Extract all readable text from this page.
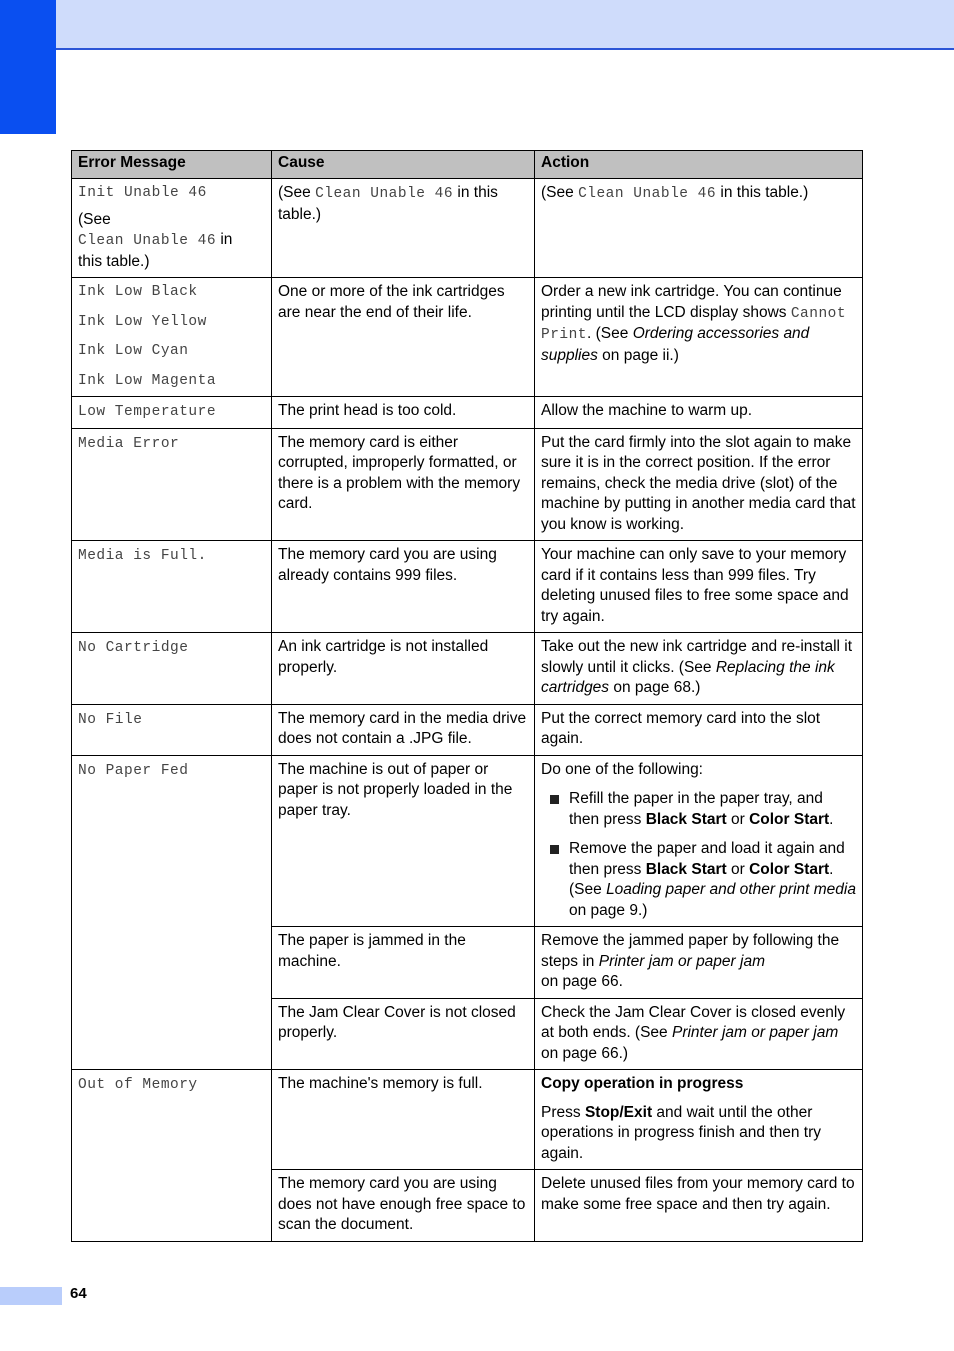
Error Message	Cause	Action

Init Unable 46
(See
Clean Unable 46 in
this table.)	(See Clean Unable 46 in this table.)	(See Clean Unable 46 in this table.)

Ink Low Black
Ink Low Yellow
Ink Low Cyan
Ink Low Magenta	One or more of the ink cartridges are near the end of their life.	Order a new ink cartridge. You can continue printing until the LCD display shows Cannot Print. (See Ordering accessories and supplies on page ii.)
Low Temperature	The print head is too cold.	Allow the machine to warm up.
Media Error	The memory card is either corrupted, improperly formatted, or there is a problem with the memory card.	Put the card firmly into the slot again to make sure it is in the correct position. If the error remains, check the media drive (slot) of the machine by putting in another media card that you know is working.
Media is Full.	The memory card you are using already contains 999 files.	Your machine can only save to your memory card if it contains less than 999 files. Try deleting unused files to free some space and try again.
No Cartridge	An ink cartridge is not installed properly.	Take out the new ink cartridge and re-install it slowly until it clicks. (See Replacing the ink cartridges on page 68.)
No File	The memory card in the media drive does not contain a .JPG file.	Put the correct memory card into the slot again.
No Paper Fed	The machine is out of paper or paper is not properly loaded in the paper tray.	Do one of the following:
Refill the paper in the paper tray, and then press Black Start or Color Start.
Remove the paper and load it again and then press Black Start or Color Start. (See Loading paper and other print media on page 9.)

	The paper is jammed in the machine.	Remove the jammed paper by following the steps in Printer jam or paper jam
on page 66.
	The Jam Clear Cover is not closed properly.	Check the Jam Clear Cover is closed evenly at both ends. (See Printer jam or paper jam on page 66.)
Out of Memory	The machine's memory is full.	Copy operation in progress
Press Stop/Exit and wait until the other operations in progress finish and then try again.

	The memory card you are using does not have enough free space to scan the document.	Delete unused files from your memory card to make some free space and then try again.
64
